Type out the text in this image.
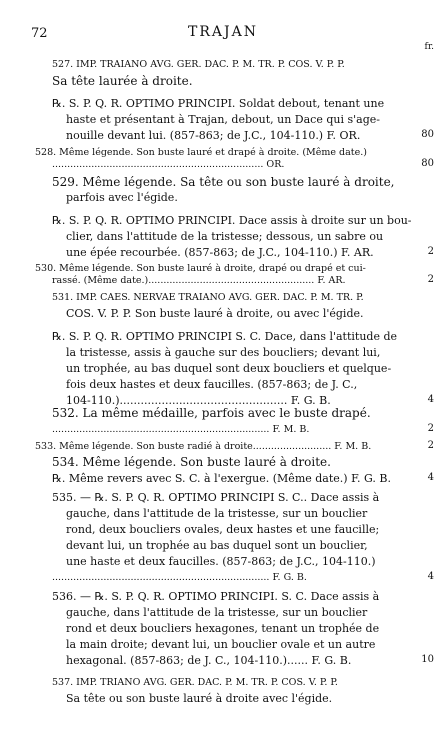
72	TRAJAN
fr.
527. IMP. TRAIANO AVG. GER. DAC. P. M. TR. P. COS. V. P. P.
Sa tête laurée à droite.
℞. S. P. Q. R. OPTIMO PRINCIPI. Soldat debout, tenant une
haste et présentant à Trajan, debout, un Dace qui s'age-
nouille devant lui. (857-863; de J.C., 104-110.) F. OR.
528. Même légende. Son buste lauré et drapé à droite. (Même date.)
...................................................................... OR.
529. Même légende. Sa tête ou son buste lauré à droite,
parfois avec l'égide.
℞. S. P. Q. R. OPTIMO PRINCIPI. Dace assis à droite sur un bou-
clier, dans l'attitude de la tristesse; dessous, un sabre ou
une épée recourbée. (857-863; de J.C., 104-110.) F. AR.
530. Même légende. Son buste lauré à droite, drapé ou drapé et cui-
rassé. (Même date.)....................................................... F. AR.
531. IMP. CAES. NERVAE TRAIANO AVG. GER. DAC. P. M. TR. P.
COS. V. P. P. Son buste lauré à droite, ou avec l'égide.
℞. S. P. Q. R. OPTIMO PRINCIPI S. C. Dace, dans l'attitude de
la tristesse, assis à gauche sur des boucliers; devant lui,
un trophée, au bas duquel sont deux boucliers et quelque-
fois deux hastes et deux faucilles. (857-863; de J. C.,
104-110.)................................................ F. G. B.
532. La même médaille, parfois avec le buste drapé.
........................................................................ F. M. B.
533. Même légende. Son buste radié à droite.......................... F. M. B.
534. Même légende. Son buste lauré à droite.
℞. Même revers avec S. C. à l'exergue. (Même date.) F. G. B.
535. — ℞. S. P. Q. R. OPTIMO PRINCIPI S. C.. Dace assis à
gauche, dans l'attitude de la tristesse, sur un bouclier
rond, deux boucliers ovales, deux hastes et une faucille;
devant lui, un trophée au bas duquel sont un bouclier,
une haste et deux faucilles. (857-863; de J.C., 104-110.)
........................................................................ F. G. B.
536. — ℞. S. P. Q. R. OPTIMO PRINCIPI. S. C. Dace assis à
gauche, dans l'attitude de la tristesse, sur un bouclier
rond et deux boucliers hexagones, tenant un trophée de
la main droite; devant lui, un bouclier ovale et un autre
hexagonal. (857-863; de J. C., 104-110.)...... F. G. B.
537. IMP. TRIANO AVG. GER. DAC. P. M. TR. P. COS. V. P. P.
Sa tête ou son buste lauré à droite avec l'égide.
80
80
2
2
4
2
2
4
4
10
